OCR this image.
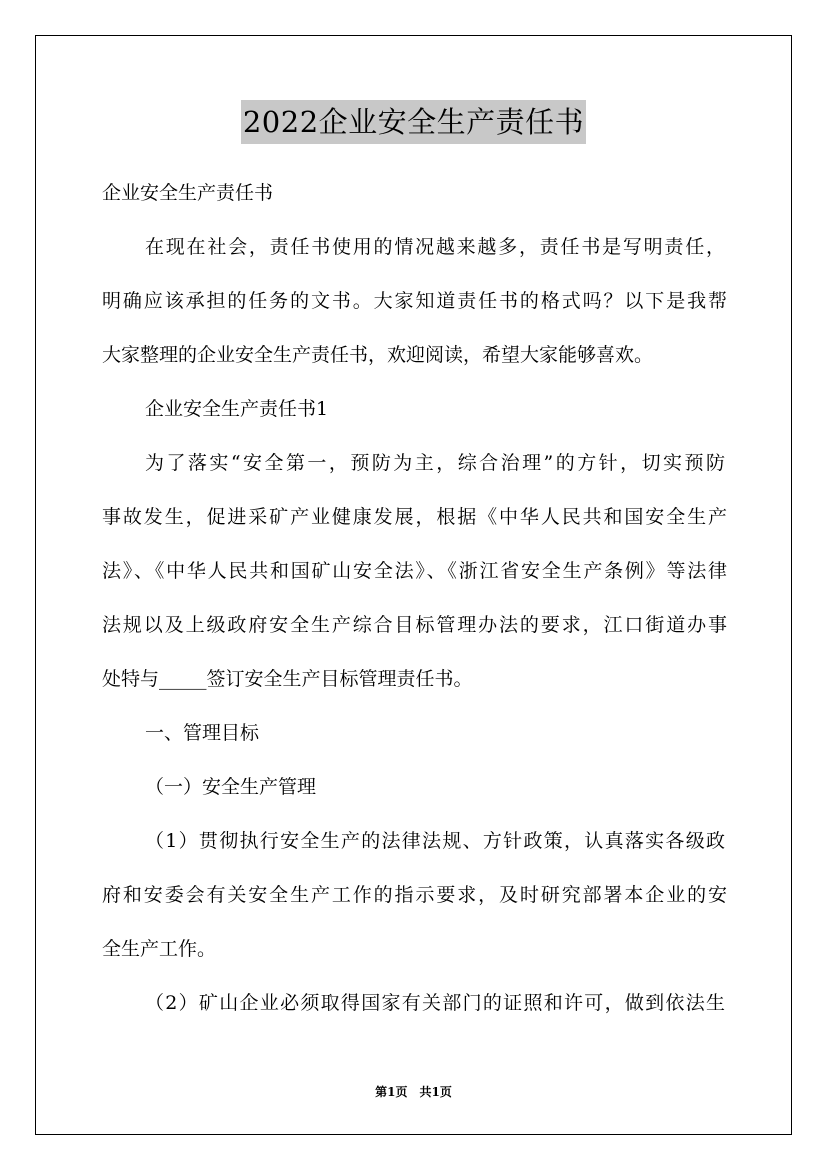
2022企业安全生产责任书
企业安全生产责任书
在现在社会，责任书使用的情况越来越多，责任书是写明责任，
明确应该承担的任务的文书。大家知道责任书的格式吗？以下是我帮
大家整理的企业安全生产责任书，欢迎阅读，希望大家能够喜欢。
企业安全生产责任书1
为了落实“安全第一，预防为主，综合治理”的方针，切实预防
事故发生，促进采矿产业健康发展，根据《中华人民共和国安全生产
法》、《中华人民共和国矿山安全法》、《浙江省安全生产条例》等法律
法规以及上级政府安全生产综合目标管理办法的要求，江口街道办事
处特与_____签订安全生产目标管理责任书。
一、管理目标
（一）安全生产管理
（1）贯彻执行安全生产的法律法规、方针政策，认真落实各级政
府和安委会有关安全生产工作的指示要求，及时研究部署本企业的安
全生产工作。
（2）矿山企业必须取得国家有关部门的证照和许可，做到依法生
第1页　共1页
